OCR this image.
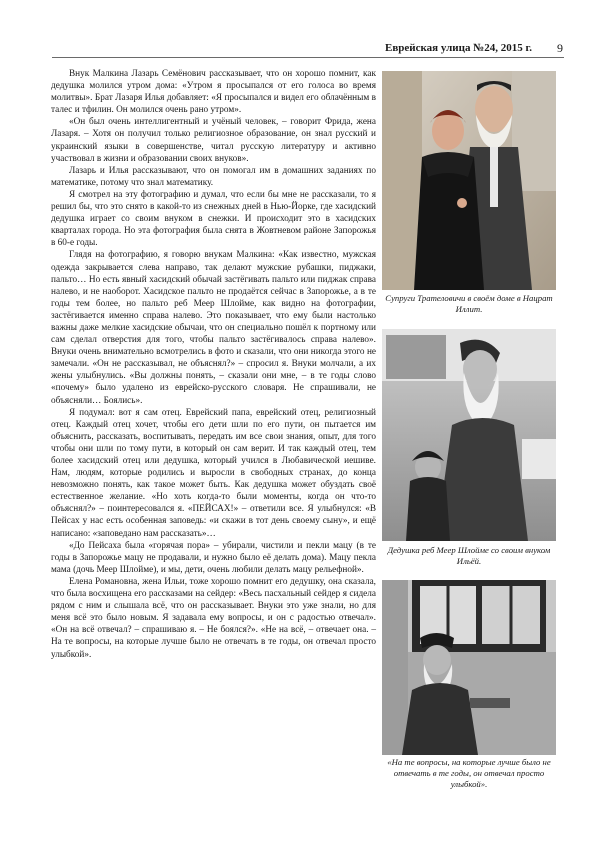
Еврейская улица №24, 2015 г. 9

Внук Малкина Лазарь Семёнович рассказывает, что он хорошо помнит, как дедушка молился утром дома: «Утром я просыпался от его голоса во время молитвы». Брат Лазаря Илья добавляет: «Я просыпался и видел его облачённым в талес и тфилин. Он молился очень рано утром».

«Он был очень интеллигентный и учёный человек, – говорит Фрида, жена Лазаря. – Хотя он получил только религиозное образование, он знал русский и украинский языки в совершенстве, читал русскую литературу и активно участвовал в жизни и образовании своих внуков».

Лазарь и Илья рассказывают, что он помогал им в домашних заданиях по математике, потому что знал математику.

Я смотрел на эту фотографию и думал, что если бы мне не рассказали, то я решил бы, что это снято в какой-то из снежных дней в Нью-Йорке, где хасидский дедушка играет со своим внуком в снежки. И происходит это в хасидских кварталах города. Но эта фотография была снята в Жовтневом районе Запорожья в 60-е годы.

Глядя на фотографию, я говорю внукам Малкина: «Как известно, мужская одежда закрывается слева направо, так делают мужские рубашки, пиджаки, пальто… Но есть явный хасидский обычай застёгивать пальто или пиджак справа налево, и не наоборот. Хасидское пальто не продаётся сейчас в Запорожье, а в те годы тем более, но пальто реб Меер Шлойме, как видно на фотографии, застёгивается именно справа налево. Это показывает, что ему были настолько важны даже мелкие хасидские обычаи, что он специально пошёл к портному или сам сделал отверстия для того, чтобы пальто застёгивалось справа налево». Внуки очень внимательно всмотрелись в фото и сказали, что они никогда этого не замечали. «Он не рассказывал, не объяснял?» – спросил я. Внуки молчали, а их жены улыбнулись. «Вы должны понять, – сказали они мне, – в те годы слово «почему» было удалено из еврейско-русского словаря. Не спрашивали, не объясняли… Боялись».

Я подумал: вот я сам отец. Еврейский папа, еврейский отец, религиозный отец. Каждый отец хочет, чтобы его дети шли по его пути, он пытается им объяснить, рассказать, воспитывать, передать им все свои знания, опыт, для того чтобы они шли по тому пути, в который он сам верит. И так каждый отец, тем более хасидский отец или дедушка, который учился в Любавической иешиве. Нам, людям, которые родились и выросли в свободных странах, до конца невозможно понять, как такое может быть. Как дедушка может обуздать своё естественное желание. «Но хоть когда-то были моменты, когда он что-то объяснял?» – поинтересовался я. «ПЕЙСАХ!» – ответили все. Я улыбнулся: «В Пейсах у нас есть особенная заповедь: «и скажи в тот день своему сыну», и ещё написано: «заповедано нам рассказать»…

«До Пейсаха была «горячая пора» – убирали, чистили и пекли мацу (в те годы в Запорожье мацу не продавали, и нужно было её делать дома). Мацу пекла мама (дочь Меер Шлойме), и мы, дети, очень любили делать мацу рельефной».

Елена Романовна, жена Ильи, тоже хорошо помнит его дедушку, она сказала, что была восхищена его рассказами на сейдер: «Весь пасхальный сейдер я сидела рядом с ним и слышала всё, что он рассказывает. Внуки это уже знали, но для меня всё это было новым. Я задавала ему вопросы, и он с радостью отвечал». «Он на всё отвечал? – спрашиваю я. – Не боялся?». «Не на всё, – отвечает она. – На те вопросы, на которые лучше было не отвечать в те годы, он отвечал просто улыбкой».

Супруги Трателовичи в своём доме в Нацрат Иллит.
Дедушка реб Меер Шлойме со своим внуком Ильёй.
«На те вопросы, на которые лучше было не отвечать в те годы, он отвечал просто улыбкой».
